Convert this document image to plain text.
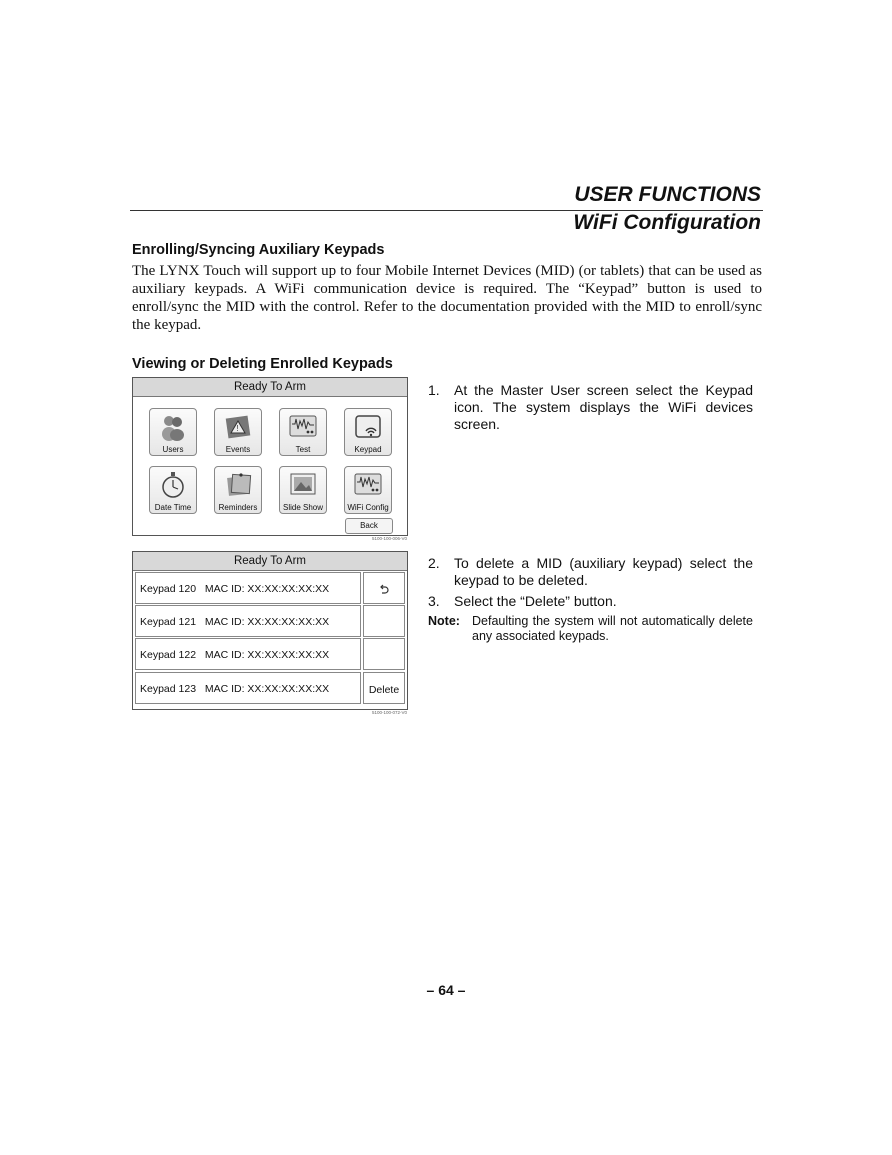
USER FUNCTIONS
WiFi Configuration
Enrolling/Syncing Auxiliary Keypads
The LYNX Touch will support up to four Mobile Internet Devices (MID) (or tablets) that can be used as auxiliary keypads. A WiFi communication device is required. The “Keypad” button is used to enroll/sync the MID with the control. Refer to the documentation provided with the MID to enroll/sync the keypad.
Viewing or Deleting Enrolled Keypads
Ready To Arm
Users
!
Events	Test	Keypad
Date Time	Reminders	Slide Show	WiFi Config
Back
5100-100-006-V0
Ready To Arm
Keypad 120 MAC ID: XX:XX:XX:XX:XX
Keypad 121 MAC ID: XX:XX:XX:XX:XX
Keypad 122 MAC ID: XX:XX:XX:XX:XX
Keypad 123 MAC ID: XX:XX:XX:XX:XX	Delete
5100-100-072-V0
1. At the Master User screen select the Keypad icon. The system displays the WiFi devices screen.
2. To delete a MID (auxiliary keypad) select the keypad to be deleted.
3. Select the “Delete” button.
Note: Defaulting the system will not automatically delete any associated keypads.
– 64 –
